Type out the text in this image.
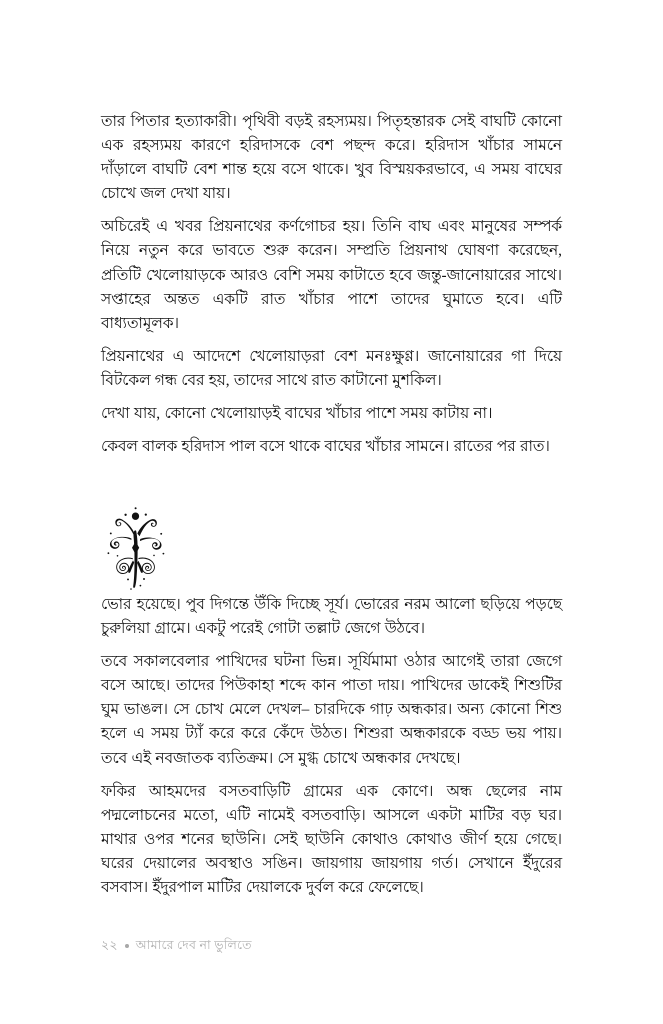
তার পিতার হত্যাকারী। পৃথিবী বড়ই রহস্যময়। পিতৃহন্তারক সেই বাঘটি কোনো এক রহস্যময় কারণে হরিদাসকে বেশ পছন্দ করে। হরিদাস খাঁচার সামনে দাঁড়ালে বাঘটি বেশ শান্ত হয়ে বসে থাকে। খুব বিস্ময়করভাবে, এ সময় বাঘের চোখে জল দেখা যায়।

অচিরেই এ খবর প্রিয়নাথের কর্ণগোচর হয়। তিনি বাঘ এবং মানুষের সম্পর্ক নিয়ে নতুন করে ভাবতে শুরু করেন। সম্প্রতি প্রিয়নাথ ঘোষণা করেছেন, প্রতিটি খেলোয়াড়কে আরও বেশি সময় কাটাতে হবে জন্তু-জানোয়ারের সাথে। সপ্তাহের অন্তত একটি রাত খাঁচার পাশে তাদের ঘুমাতে হবে। এটি বাধ্যতামূলক।

প্রিয়নাথের এ আদেশে খেলোয়াড়রা বেশ মনঃক্ষুণ্ণ। জানোয়ারের গা দিয়ে বিটকেল গন্ধ বের হয়, তাদের সাথে রাত কাটানো মুশকিল।

দেখা যায়, কোনো খেলোয়াড়ই বাঘের খাঁচার পাশে সময় কাটায় না।

কেবল বালক হরিদাস পাল বসে থাকে বাঘের খাঁচার সামনে। রাতের পর রাত।

ভোর হয়েছে। পুব দিগন্তে উঁকি দিচ্ছে সূর্য। ভোরের নরম আলো ছড়িয়ে পড়ছে চুরুলিয়া গ্রামে। একটু পরেই গোটা তল্লাট জেগে উঠবে।

তবে সকালবেলার পাখিদের ঘটনা ভিন্ন। সূর্যিমামা ওঠার আগেই তারা জেগে বসে আছে। তাদের পিউকাহা শব্দে কান পাতা দায়। পাখিদের ডাকেই শিশুটির ঘুম ভাঙল। সে চোখ মেলে দেখল– চারদিকে গাঢ় অন্ধকার। অন্য কোনো শিশু হলে এ সময় ট্যাঁ করে করে কেঁদে উঠত। শিশুরা অন্ধকারকে বড্ড ভয় পায়। তবে এই নবজাতক ব্যতিক্রম। সে মুগ্ধ চোখে অন্ধকার দেখছে।

ফকির আহমদের বসতবাড়িটি গ্রামের এক কোণে। অন্ধ ছেলের নাম পদ্মলোচনের মতো, এটি নামেই বসতবাড়ি। আসলে একটা মাটির বড় ঘর। মাথার ওপর শনের ছাউনি। সেই ছাউনি কোথাও কোথাও জীর্ণ হয়ে গেছে। ঘরের দেয়ালের অবস্থাও সঙিন। জায়গায় জায়গায় গর্ত। সেখানে ইঁদুরের বসবাস। ইঁদুরপাল মাটির দেয়ালকে দুর্বল করে ফেলেছে।

২২ আমারে দেব না ভুলিতে
